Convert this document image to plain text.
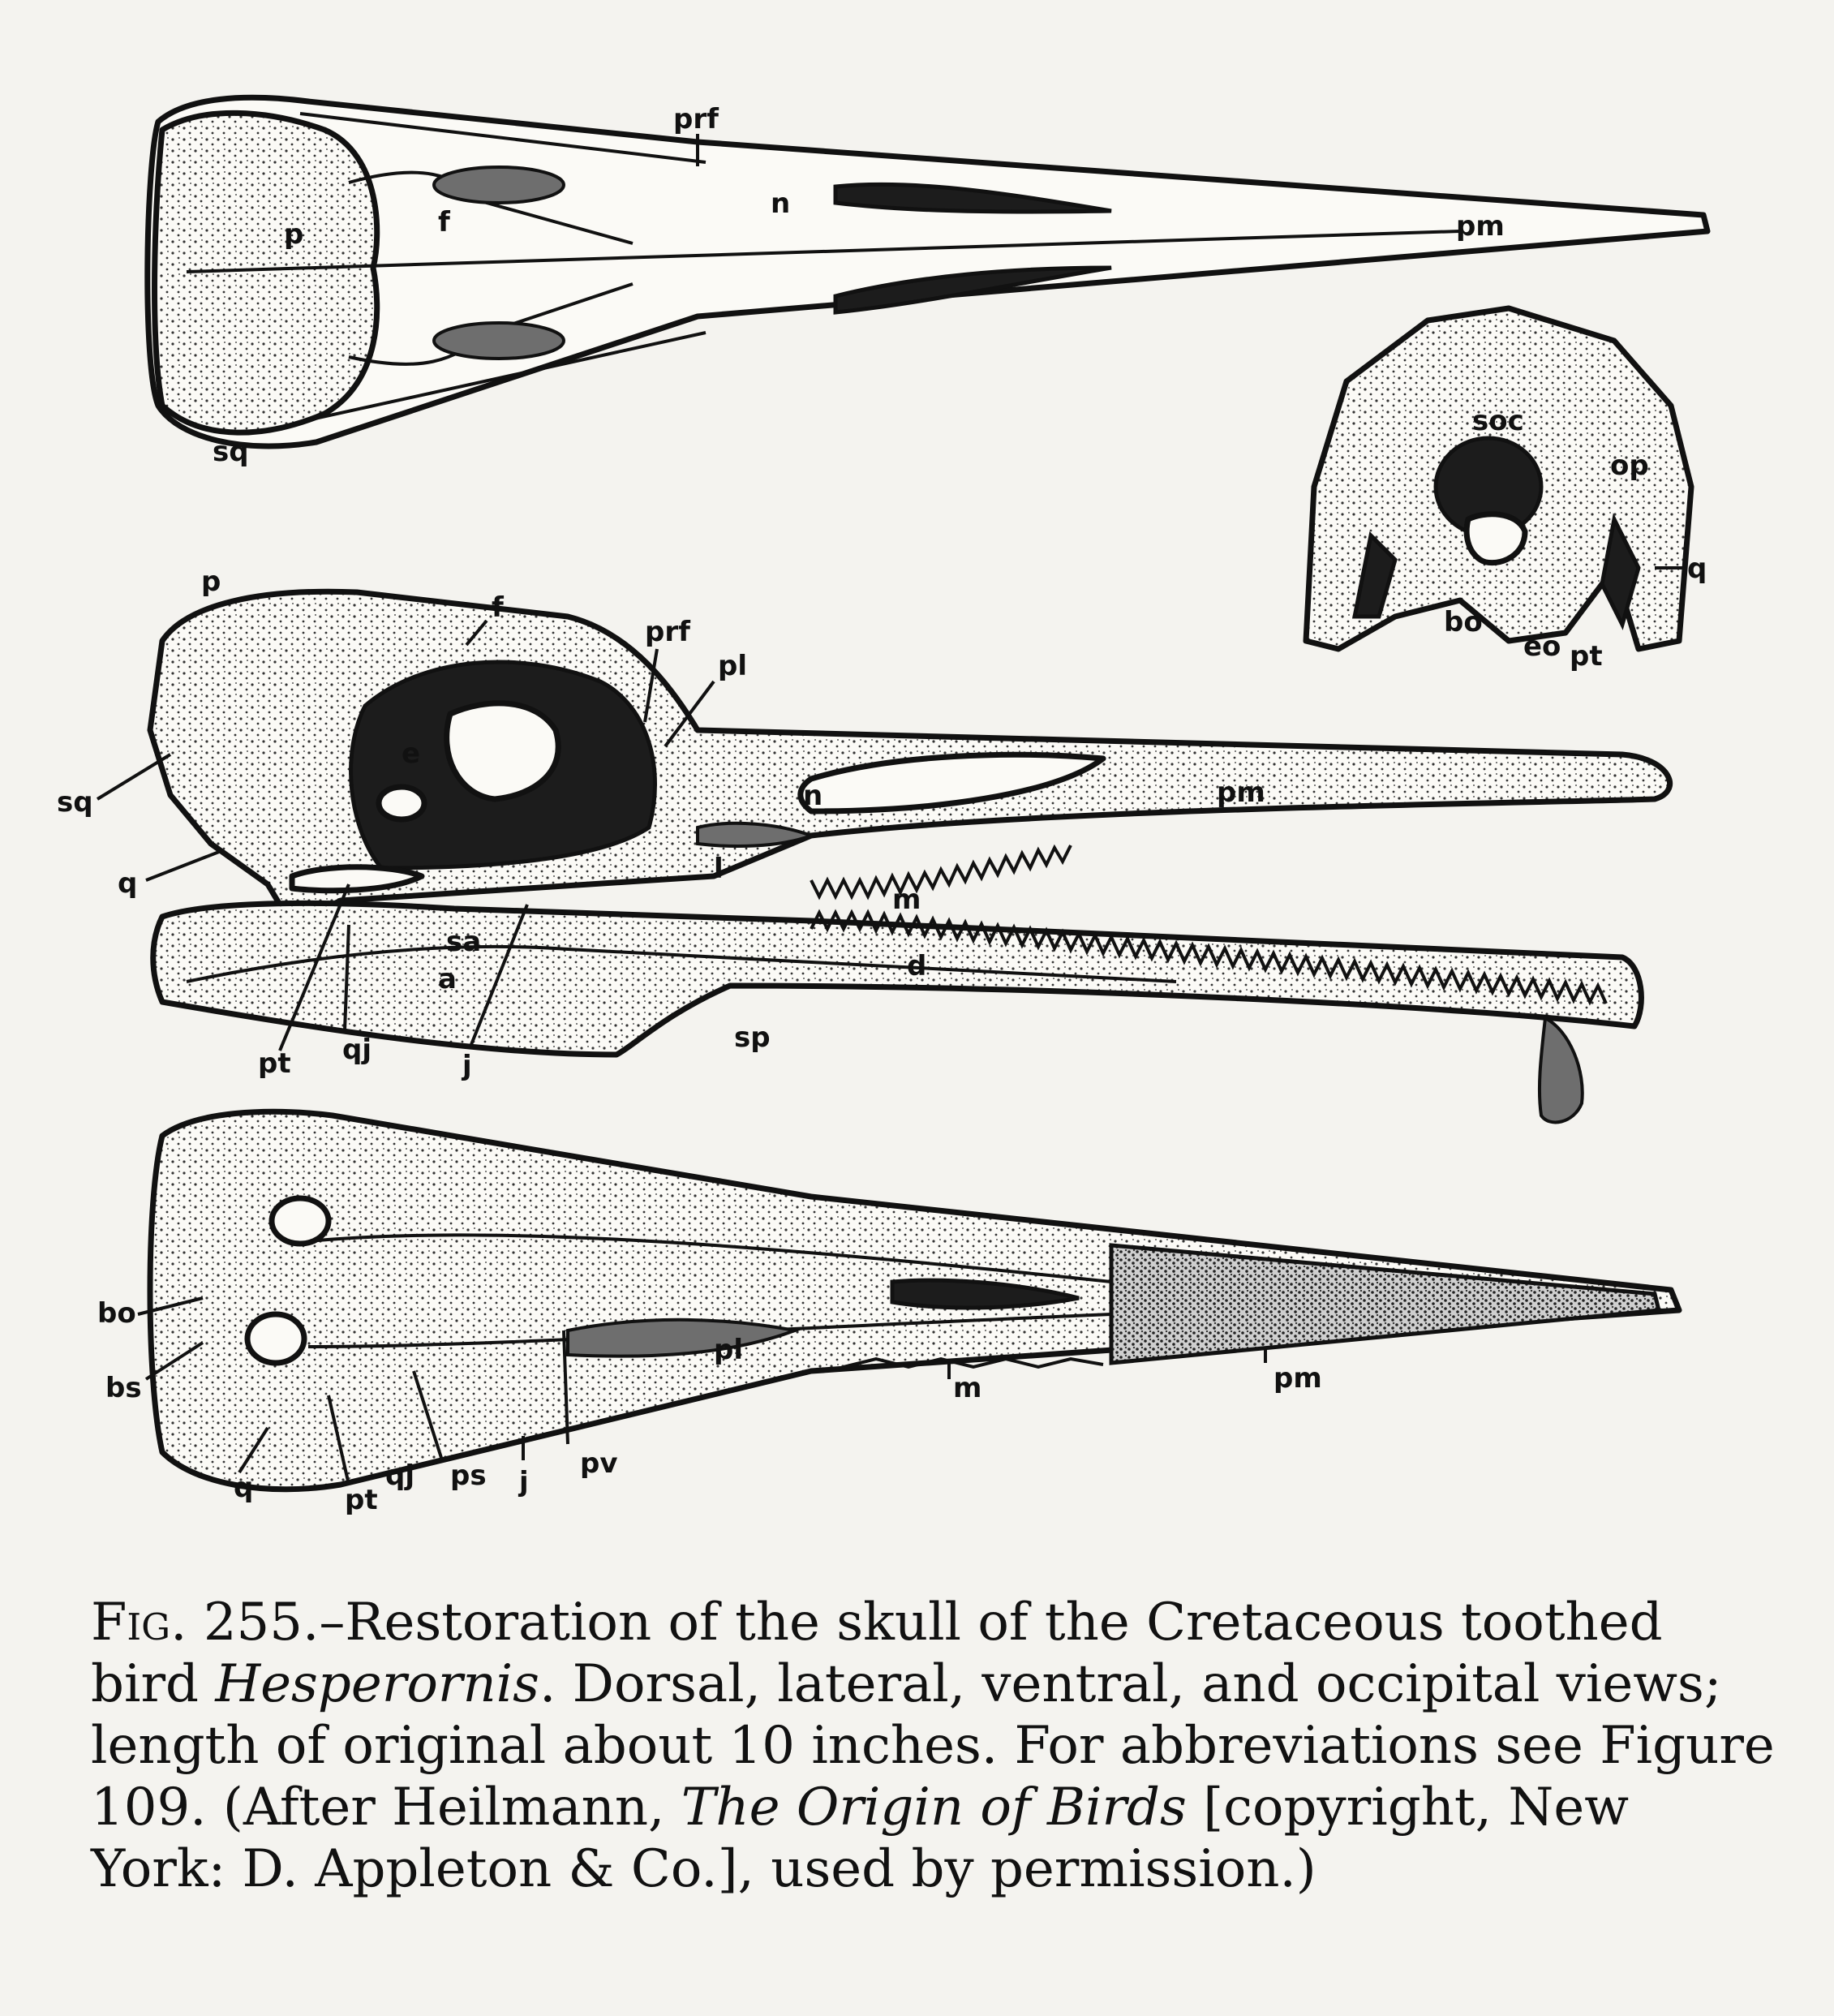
prf
n
f
p	pm
sq
soc
op
q
bo
eo pt
p
f
prf
pl
sq
q
e
n	pm
l
m
sa
a	d
pt qj	j
sp
bo
bs
q	pt
qj ps j
pv
pl
m	pm
Fig. 255.–Restoration of the skull of the Cretaceous toothed
bird Hesperornis. Dorsal, lateral, ventral, and occipital views;
length of original about 10 inches. For abbreviations see Figure
109. (After Heilmann, The Origin of Birds [copyright, New
York: D. Appleton & Co.], used by permission.)
